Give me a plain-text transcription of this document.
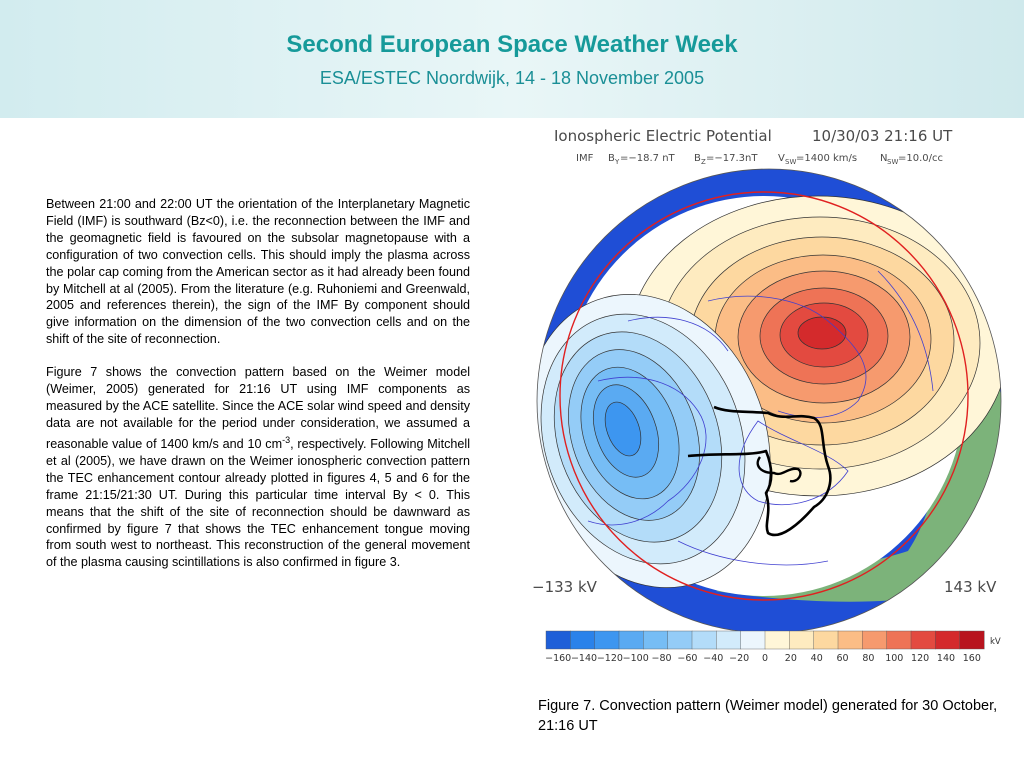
Second European Space Weather Week
ESA/ESTEC Noordwijk, 14 - 18 November 2005

Between 21:00 and 22:00 UT the orientation of the Interplanetary Magnetic Field (IMF) is southward (Bz<0), i.e. the reconnection between the IMF and the geomagnetic field is favoured on the subsolar magnetopause with a configuration of two convection cells. This should imply the plasma across the polar cap coming from the American sector as it had already been found by Mitchell at al (2005). From the literature (e.g. Ruhoniemi and Greenwald, 2005 and references therein), the sign of the IMF By component should give information on the dimension of the two convection cells and on the shift of the site of reconnection.

Figure 7 shows the convection pattern based on the Weimer model (Weimer, 2005) generated for 21:16 UT using IMF components as measured by the ACE satellite. Since the ACE solar wind speed and density data are not available for the period under consideration, we assumed a reasonable value of 1400 km/s and 10 $cm^{-3}$, respectively. Following Mitchell et al (2005), we have drawn on the Weimer ionospheric convection pattern the TEC enhancement contour already plotted in figures 4, 5 and 6 for the frame 21:15/21:30 UT. During this particular time interval By < 0. This means that the shift of the site of reconnection should be dawnward as confirmed by figure 7 that shows the TEC enhancement tongue moving from south west to northeast. This reconstruction of the general movement of the plasma causing scintillations is also confirmed in figure 3.

Ionospheric Electric Potential	10/30/03 21:16 UT
IMF B Y =−18.7 nT B Z =−17.3nT V SW =1400 km/s N SW =10.0/cc
−133 kV	143 kV
−160 −140 −120 −100 −80 −60 −40 −20 0 20 40 60 80 100 120 140 160
kV
Figure 7. Convection pattern (Weimer model) generated for 30 October, 21:16 UT
